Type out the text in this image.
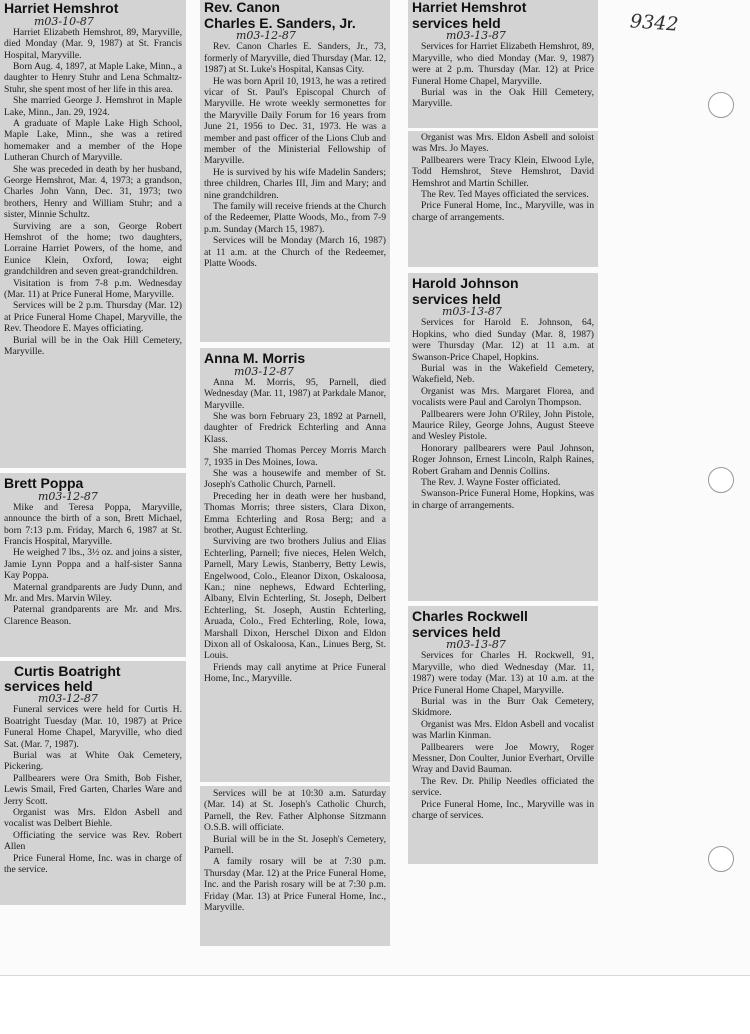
9342
Harriet Hemshrot
m03-10-87

Harriet Elizabeth Hemshrot, 89, Maryville, died Monday (Mar. 9, 1987) at St. Francis Hospital, Maryville.

Born Aug. 4, 1897, at Maple Lake, Minn., a daughter to Henry Stuhr and Lena Schmaltz-Stuhr, she spent most of her life in this area.

She married George J. Hemshrot in Maple Lake, Minn., Jan. 29, 1924.

A graduate of Maple Lake High School, Maple Lake, Minn., she was a retired homemaker and a member of the Hope Lutheran Church of Maryville.

She was preceded in death by her husband, George Hemshrot, Mar. 4, 1973; a grandson, Charles John Vann, Dec. 31, 1973; two brothers, Henry and William Stuhr; and a sister, Minnie Schultz.

Surviving are a son, George Robert Hemshrot of the home; two daughters, Lorraine Harriet Powers, of the home, and Eunice Klein, Oxford, Iowa; eight grandchildren and seven great-grandchildren.

Visitation is from 7-8 p.m. Wednesday (Mar. 11) at Price Funeral Home, Maryville.

Services will be 2 p.m. Thursday (Mar. 12) at Price Funeral Home Chapel, Maryville, the Rev. Theodore E. Mayes officiating.

Burial will be in the Oak Hill Cemetery, Maryville.

Brett Poppa
m03-12-87

Mike and Teresa Poppa, Maryville, announce the birth of a son, Brett Michael, born 7:13 p.m. Friday, March 6, 1987 at St. Francis Hospital, Maryville.

He weighed 7 lbs., 3½ oz. and joins a sister, Jamie Lynn Poppa and a half-sister Sanna Kay Poppa.

Maternal grandparents are Judy Dunn, and Mr. and Mrs. Marvin Wiley.

Paternal grandparents are Mr. and Mrs. Clarence Beason.

Curtis Boatright
services held
m03-12-87

Funeral services were held for Curtis H. Boatright Tuesday (Mar. 10, 1987) at Price Funeral Home Chapel, Maryville, who died Sat. (Mar. 7, 1987).

Burial was at White Oak Cemetery, Pickering.

Pallbearers were Ora Smith, Bob Fisher, Lewis Smail, Fred Garten, Charles Ware and Jerry Scott.

Organist was Mrs. Eldon Asbell and vocalist was Delbert Biehle.

Officiating the service was Rev. Robert Allen

Price Funeral Home, Inc. was in charge of the service.

Rev. Canon
Charles E. Sanders, Jr.
m03-12-87

Rev. Canon Charles E. Sanders, Jr., 73, formerly of Maryville, died Thursday (Mar. 12, 1987) at St. Luke's Hospital, Kansas City.

He was born April 10, 1913, he was a retired vicar of St. Paul's Episcopal Church of Maryville. He wrote weekly sermonettes for the Maryville Daily Forum for 16 years from June 21, 1956 to Dec. 31, 1973. He was a member and past officer of the Lions Club and member of the Ministerial Fellowship of Maryville.

He is survived by his wife Madelin Sanders; three children, Charles III, Jim and Mary; and nine grandchildren.

The family will receive friends at the Church of the Redeemer, Platte Woods, Mo., from 7-9 p.m. Sunday (March 15, 1987).

Services will be Monday (March 16, 1987) at 11 a.m. at the Church of the Redeemer, Platte Woods.

Anna M. Morris
m03-12-87

Anna M. Morris, 95, Parnell, died Wednesday (Mar. 11, 1987) at Parkdale Manor, Maryville.

She was born February 23, 1892 at Parnell, daughter of Fredrick Echterling and Anna Klass.

She married Thomas Percey Morris March 7, 1935 in Des Moines, Iowa.

She was a housewife and member of St. Joseph's Catholic Church, Parnell.

Preceding her in death were her husband, Thomas Morris; three sisters, Clara Dixon, Emma Echterling and Rosa Berg; and a brother, August Echterling.

Surviving are two brothers Julius and Elias Echterling, Parnell; five nieces, Helen Welch, Parnell, Mary Lewis, Stanberry, Betty Lewis, Engelwood, Colo., Eleanor Dixon, Oskaloosa, Kan.; nine nephews, Edward Echterling, Albany, Elvin Echterling, St. Joseph, Delbert Echterling, St. Joseph, Austin Echterling, Aruada, Colo., Fred Echterling, Role, Iowa, Marshall Dixon, Herschel Dixon and Eldon Dixon all of Oskaloosa, Kan., Linues Berg, St. Louis.

Friends may call anytime at Price Funeral Home, Inc., Maryville.

Services will be at 10:30 a.m. Saturday (Mar. 14) at St. Joseph's Catholic Church, Parnell, the Rev. Father Alphonse Sitzmann O.S.B. will officiate.

Burial will be in the St. Joseph's Cemetery, Parnell.

A family rosary will be at 7:30 p.m. Thursday (Mar. 12) at the Price Funeral Home, Inc. and the Parish rosary will be at 7:30 p.m. Friday (Mar. 13) at Price Funeral Home, Inc., Maryville.

Harriet Hemshrot
services held
m03-13-87

Services for Harriet Elizabeth Hemshrot, 89, Maryville, who died Monday (Mar. 9, 1987) were at 2 p.m. Thursday (Mar. 12) at Price Funeral Home Chapel, Maryville.

Burial was in the Oak Hill Cemetery, Maryville.

Organist was Mrs. Eldon Asbell and soloist was Mrs. Jo Mayes.

Pallbearers were Tracy Klein, Elwood Lyle, Todd Hemshrot, Steve Hemshrot, David Hemshrot and Martin Schiller.

The Rev. Ted Mayes officiated the services.

Price Funeral Home, Inc., Maryville, was in charge of arrangements.

Harold Johnson
services held
m03-13-87

Services for Harold E. Johnson, 64, Hopkins, who died Sunday (Mar. 8, 1987) were Thursday (Mar. 12) at 11 a.m. at Swanson-Price Chapel, Hopkins.

Burial was in the Wakefield Cemetery, Wakefield, Neb.

Organist was Mrs. Margaret Florea, and vocalists were Paul and Carolyn Thompson.

Pallbearers were John O'Riley, John Pistole, Maurice Riley, George Johns, August Steeve and Wesley Pistole.

Honorary pallbearers were Paul Johnson, Roger Johnson, Ernest Lincoln, Ralph Raines, Robert Graham and Dennis Collins.

The Rev. J. Wayne Foster officiated.

Swanson-Price Funeral Home, Hopkins, was in charge of arrangements.

Charles Rockwell
services held
m03-13-87

Services for Charles H. Rockwell, 91, Maryville, who died Wednesday (Mar. 11, 1987) were today (Mar. 13) at 10 a.m. at the Price Funeral Home Chapel, Maryville.

Burial was in the Burr Oak Cemetery, Skidmore.

Organist was Mrs. Eldon Asbell and vocalist was Marlin Kinman.

Pallbearers were Joe Mowry, Roger Messner, Don Coulter, Junior Everhart, Orville Wray and David Bauman.

The Rev. Dr. Philip Needles officiated the service.

Price Funeral Home, Inc., Maryville was in charge of services.
